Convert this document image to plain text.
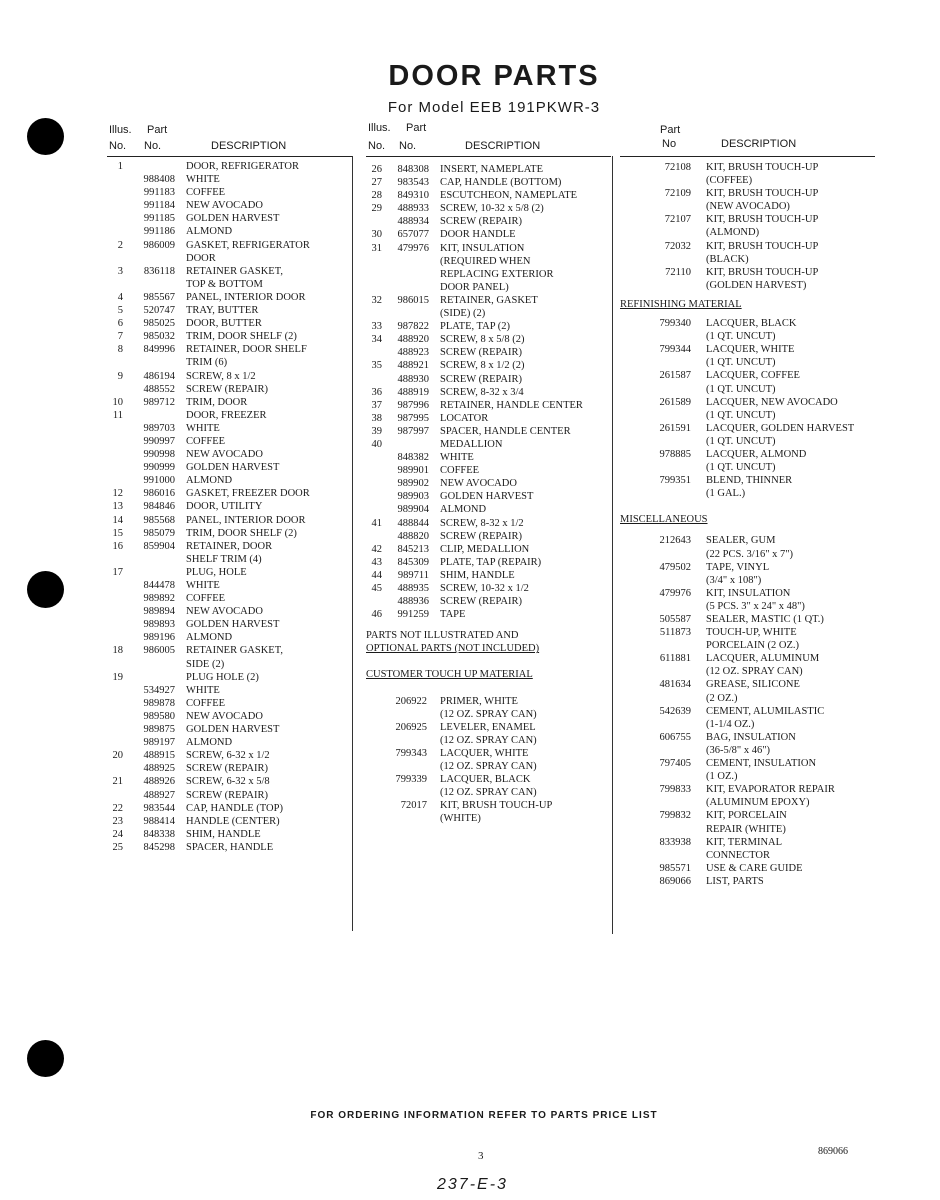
DOOR PARTS
For Model EEB 191PKWR-3
Illus. Part
No. No.	DESCRIPTION
1	DOOR, REFRIGERATOR
988408 WHITE
991183 COFFEE
991184 NEW AVOCADO
991185 GOLDEN HARVEST
991186 ALMOND
2	986009 GASKET, REFRIGERATOR
DOOR
3	836118 RETAINER GASKET,
TOP & BOTTOM
4	985567 PANEL, INTERIOR DOOR
5	520747 TRAY, BUTTER
6	985025 DOOR, BUTTER
7	985032 TRIM, DOOR SHELF (2)
8	849996 RETAINER, DOOR SHELF
TRIM (6)
9	486194 SCREW, 8 x 1/2
488552 SCREW (REPAIR)
10	989712 TRIM, DOOR
11	DOOR, FREEZER
989703 WHITE
990997 COFFEE
990998 NEW AVOCADO
990999 GOLDEN HARVEST
991000 ALMOND
12	986016 GASKET, FREEZER DOOR
13	984846 DOOR, UTILITY
14	985568 PANEL, INTERIOR DOOR
15	985079 TRIM, DOOR SHELF (2)
16	859904 RETAINER, DOOR
SHELF TRIM (4)
17	PLUG, HOLE
844478 WHITE
989892 COFFEE
989894 NEW AVOCADO
989893 GOLDEN HARVEST
989196 ALMOND
18	986005 RETAINER GASKET,
SIDE (2)
19	PLUG HOLE (2)
534927 WHITE
989878 COFFEE
989580 NEW AVOCADO
989875 GOLDEN HARVEST
989197 ALMOND
20	488915 SCREW, 6-32 x 1/2
488925 SCREW (REPAIR)
21	488926 SCREW, 6-32 x 5/8
488927 SCREW (REPAIR)
22	983544 CAP, HANDLE (TOP)
23	988414 HANDLE (CENTER)
24	848338 SHIM, HANDLE
25	845298 SPACER, HANDLE
Illus. Part
No. No.	DESCRIPTION
26	848308 INSERT, NAMEPLATE
27	983543 CAP, HANDLE (BOTTOM)
28	849310 ESCUTCHEON, NAMEPLATE
29	488933 SCREW, 10-32 x 5/8 (2)
488934 SCREW (REPAIR)
30	657077 DOOR HANDLE
31	479976 KIT, INSULATION
(REQUIRED WHEN
REPLACING EXTERIOR
DOOR PANEL)
32	986015 RETAINER, GASKET
(SIDE) (2)
33	987822 PLATE, TAP (2)
34	488920 SCREW, 8 x 5/8 (2)
488923 SCREW (REPAIR)
35	488921 SCREW, 8 x 1/2 (2)
488930 SCREW (REPAIR)
36	488919 SCREW, 8-32 x 3/4
37	987996 RETAINER, HANDLE CENTER
38	987995 LOCATOR
39	987997 SPACER, HANDLE CENTER
40	MEDALLION
848382 WHITE
989901 COFFEE
989902 NEW AVOCADO
989903 GOLDEN HARVEST
989904 ALMOND
41	488844 SCREW, 8-32 x 1/2
488820 SCREW (REPAIR)
42	845213 CLIP, MEDALLION
43	845309 PLATE, TAP (REPAIR)
44	989711 SHIM, HANDLE
45	488935 SCREW, 10-32 x 1/2
488936 SCREW (REPAIR)
46	991259 TAPE
PARTS NOT ILLUSTRATED AND
OPTIONAL PARTS (NOT INCLUDED)
CUSTOMER TOUCH UP MATERIAL
206922 PRIMER, WHITE
(12 OZ. SPRAY CAN)
206925 LEVELER, ENAMEL
(12 OZ. SPRAY CAN)
799343 LACQUER, WHITE
(12 OZ. SPRAY CAN)
799339 LACQUER, BLACK
(12 OZ. SPRAY CAN)
72017 KIT, BRUSH TOUCH-UP
(WHITE)
Part
No	DESCRIPTION
72108 KIT, BRUSH TOUCH-UP
(COFFEE)
72109 KIT, BRUSH TOUCH-UP
(NEW AVOCADO)
72107 KIT, BRUSH TOUCH-UP
(ALMOND)
72032 KIT, BRUSH TOUCH-UP
(BLACK)
72110 KIT, BRUSH TOUCH-UP
(GOLDEN HARVEST)
REFINISHING MATERIAL
799340 LACQUER, BLACK
(1 QT. UNCUT)
799344 LACQUER, WHITE
(1 QT. UNCUT)
261587 LACQUER, COFFEE
(1 QT. UNCUT)
261589 LACQUER, NEW AVOCADO
(1 QT. UNCUT)
261591 LACQUER, GOLDEN HARVEST
(1 QT. UNCUT)
978885 LACQUER, ALMOND
(1 QT. UNCUT)
799351 BLEND, THINNER
(1 GAL.)
MISCELLANEOUS
212643 SEALER, GUM
(22 PCS. 3/16" x 7")
479502 TAPE, VINYL
(3/4" x 108")
479976 KIT, INSULATION
(5 PCS. 3" x 24" x 48")
505587 SEALER, MASTIC (1 QT.)
511873 TOUCH-UP, WHITE
PORCELAIN (2 OZ.)
611881 LACQUER, ALUMINUM
(12 OZ. SPRAY CAN)
481634 GREASE, SILICONE
(2 OZ.)
542639 CEMENT, ALUMILASTIC
(1-1/4 OZ.)
606755 BAG, INSULATION
(36-5/8" x 46")
797405 CEMENT, INSULATION
(1 OZ.)
799833 KIT, EVAPORATOR REPAIR
(ALUMINUM EPOXY)
799832 KIT, PORCELAIN
REPAIR (WHITE)
833938 KIT, TERMINAL
CONNECTOR
985571 USE & CARE GUIDE
869066 LIST, PARTS
FOR ORDERING INFORMATION REFER TO PARTS PRICE LIST
3	869066
237-E-3
